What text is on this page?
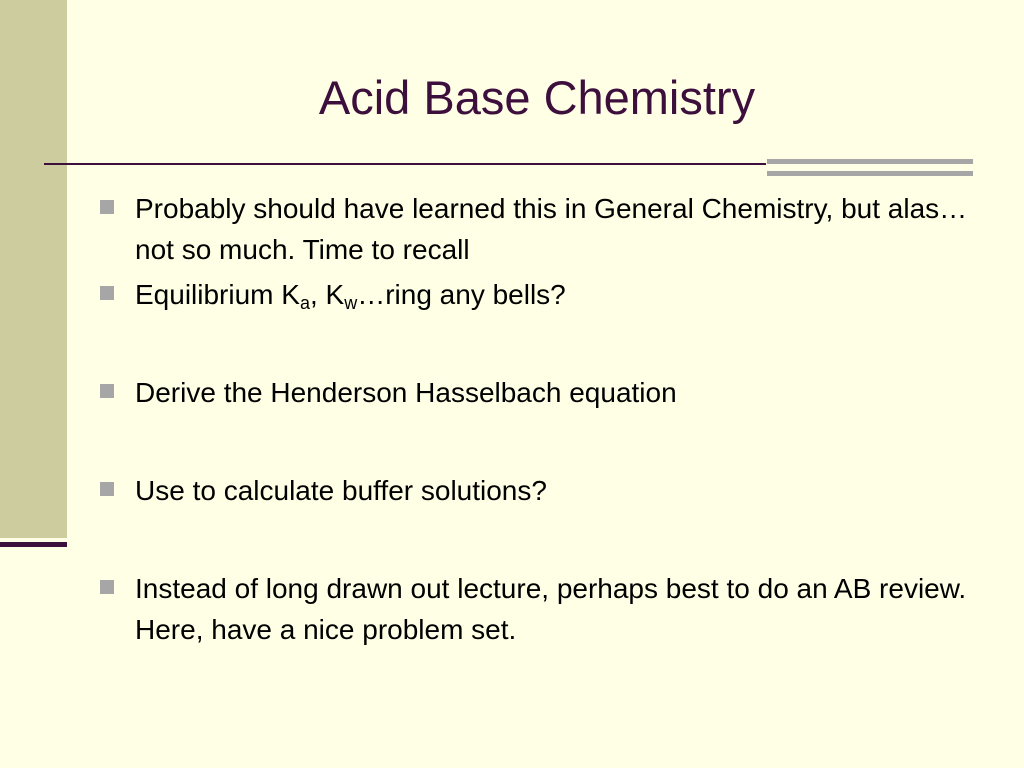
Acid Base Chemistry
Probably should have learned this in General Chemistry, but alas…not so much. Time to recall
Equilibrium $K_a$, $K_w\dots ring$ any bells?
Derive the Henderson Hasselbach equation
Use to calculate buffer solutions?
Instead of long drawn out lecture, perhaps best to do an AB review. Here, have a nice problem set.
